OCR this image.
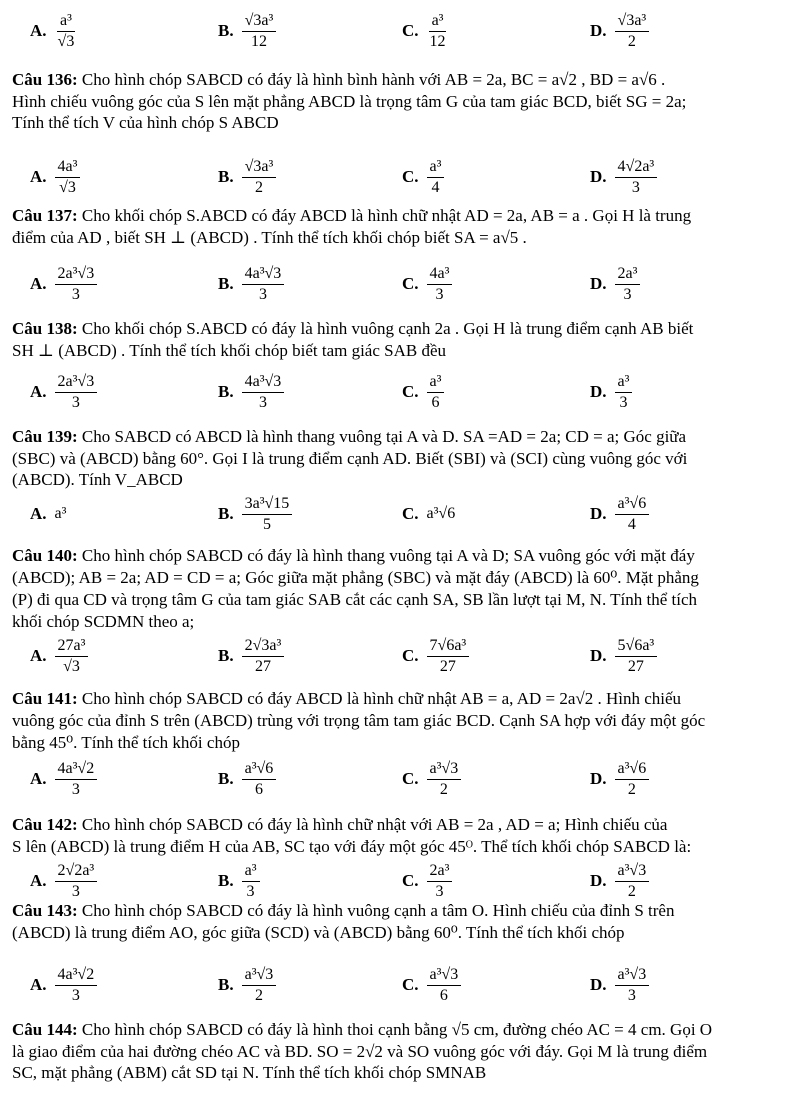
A. $\frac{\text{a³}}{√3}$	B. $\frac{\text{√3a³}}{12}$	C. $\frac{\text{a³}}{12}$	D. $\frac{\text{√3a³}}{2}$
Câu 136: Cho hình chóp SABCD có đáy là hình bình hành với AB = 2a, BC = a√2 , BD = a√6 .
Hình chiếu vuông góc của S lên mặt phẳng ABCD là trọng tâm G của tam giác BCD, biết SG = 2a;
Tính thể tích V của hình chóp S ABCD
A. $\frac{\text{4a³}}{√3}$	B. $\frac{\text{√3a³}}{2}$	C. $\frac{\text{a³}}{4}$	D. $\frac{\text{4√2a³}}{3}$
Câu 137: Cho khối chóp S.ABCD có đáy ABCD là hình chữ nhật AD = 2a, AB = a . Gọi H là trung
điểm của AD , biết SH ⊥ (ABCD) . Tính thể tích khối chóp biết SA = a√5 .
A. $\frac{\text{2a³√3}}{3}$	B. $\frac{\text{4a³√3}}{3}$	C. $\frac{\text{4a³}}{3}$	D. $\frac{\text{2a³}}{3}$
Câu 138: Cho khối chóp S.ABCD có đáy là hình vuông cạnh 2a . Gọi H là trung điểm cạnh AB biết
SH ⊥ (ABCD) . Tính thể tích khối chóp biết tam giác SAB đều
A. $\frac{\text{2a³√3}}{3}$	B. $\frac{\text{4a³√3}}{3}$	C. $\frac{\text{a³}}{6}$	D. $\frac{\text{a³}}{3}$
Câu 139: Cho SABCD có ABCD là hình thang vuông tại A và D. SA =AD = 2a; CD = a; Góc giữa
(SBC) và (ABCD) bằng 60°. Gọi I là trung điểm cạnh AD. Biết (SBI) và (SCI) cùng vuông góc với
(ABCD). Tính V_ABCD
A. a³	B. $\frac{\text{3a³√15}}{5}$	C. a³√6	D. $\frac{\text{a³√6}}{4}$
Câu 140: Cho hình chóp SABCD có đáy là hình thang vuông tại A và D; SA vuông góc với mặt đáy
(ABCD); AB = 2a; AD = CD = a; Góc giữa mặt phẳng (SBC) và mặt đáy (ABCD) là 60⁰. Mặt phẳng
(P) đi qua CD và trọng tâm G của tam giác SAB cắt các cạnh SA, SB lần lượt tại M, N. Tính thể tích
khối chóp SCDMN theo a;
A. $\frac{\text{27a³}}{√3}$	B. $\frac{\text{2√3a³}}{27}$	C. $\frac{\text{7√6a³}}{27}$	D. $\frac{\text{5√6a³}}{27}$
Câu 141: Cho hình chóp SABCD có đáy ABCD là hình chữ nhật AB = a, AD = 2a√2 . Hình chiếu
vuông góc của đỉnh S trên (ABCD) trùng với trọng tâm tam giác BCD. Cạnh SA hợp với đáy một góc
bằng 45⁰. Tính thể tích khối chóp
A. $\frac{\text{4a³√2}}{3}$	B. $\frac{\text{a³√6}}{6}$	C. $\frac{\text{a³√3}}{2}$	D. $\frac{\text{a³√6}}{2}$
Câu 142: Cho hình chóp SABCD có đáy là hình chữ nhật với AB = 2a , AD = a; Hình chiếu của
S lên (ABCD) là trung điểm H của AB, SC tạo với đáy một góc 45ᴼ. Thể tích khối chóp SABCD là:
A. $\frac{\text{2√2a³}}{3}$	B. $\frac{\text{a³}}{3}$	C. $\frac{\text{2a³}}{3}$	D. $\frac{\text{a³√3}}{2}$
Câu 143: Cho hình chóp SABCD có đáy là hình vuông cạnh a tâm O. Hình chiếu của đỉnh S trên
(ABCD) là trung điểm AO, góc giữa (SCD) và (ABCD) bằng 60⁰. Tính thể tích khối chóp
A. $\frac{\text{4a³√2}}{3}$	B. $\frac{\text{a³√3}}{2}$	C. $\frac{\text{a³√3}}{6}$	D. $\frac{\text{a³√3}}{3}$
Câu 144: Cho hình chóp SABCD có đáy là hình thoi cạnh bằng √5 cm, đường chéo AC = 4 cm. Gọi O
là giao điểm của hai đường chéo AC và BD. SO = 2√2 và SO vuông góc với đáy. Gọi M là trung điểm
SC, mặt phẳng (ABM) cắt SD tại N. Tính thể tích khối chóp SMNAB
